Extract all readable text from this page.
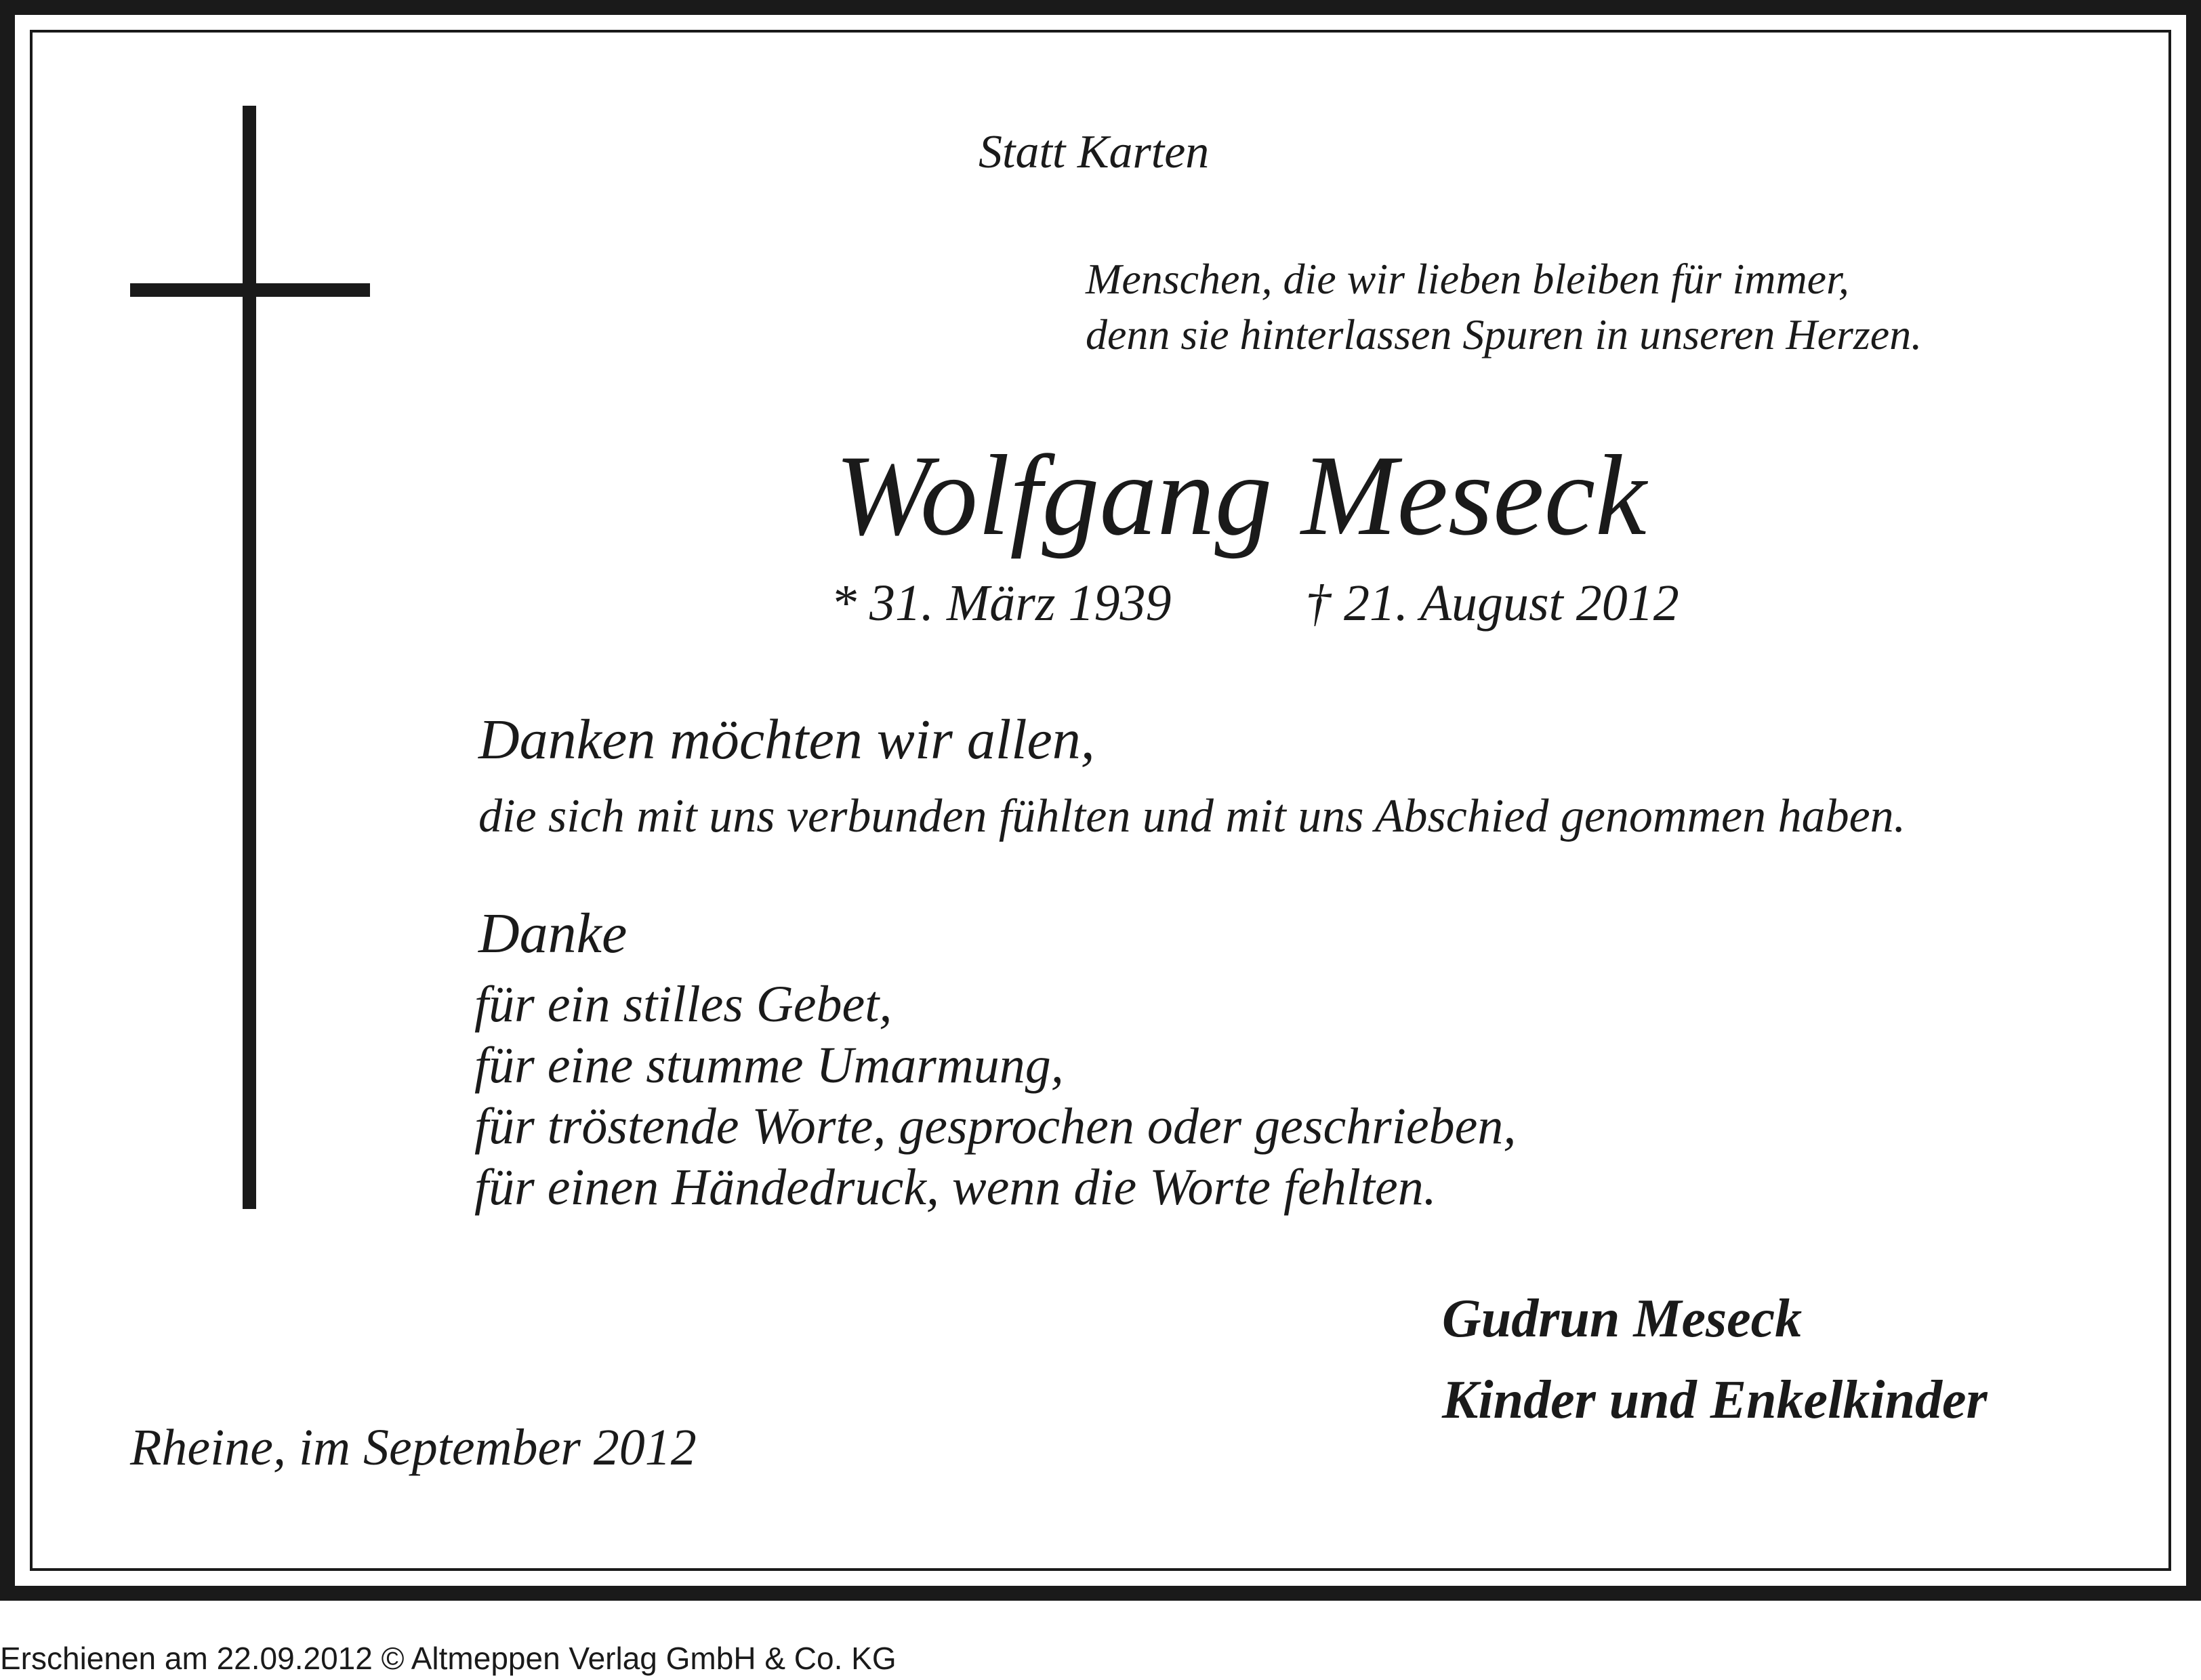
Statt Karten
Menschen, die wir lieben bleiben für immer,
denn sie hinterlassen Spuren in unseren Herzen.
Wolfgang Meseck
* 31. März 1939	† 21. August 2012
Danken möchten wir allen,
die sich mit uns verbunden fühlten und mit uns Abschied genommen haben.
Danke
für ein stilles Gebet,
für eine stumme Umarmung,
für tröstende Worte, gesprochen oder geschrieben,
für einen Händedruck, wenn die Worte fehlten.
Gudrun Meseck
Kinder und Enkelkinder
Rheine, im September 2012
Erschienen am 22.09.2012 © Altmeppen Verlag GmbH & Co. KG
